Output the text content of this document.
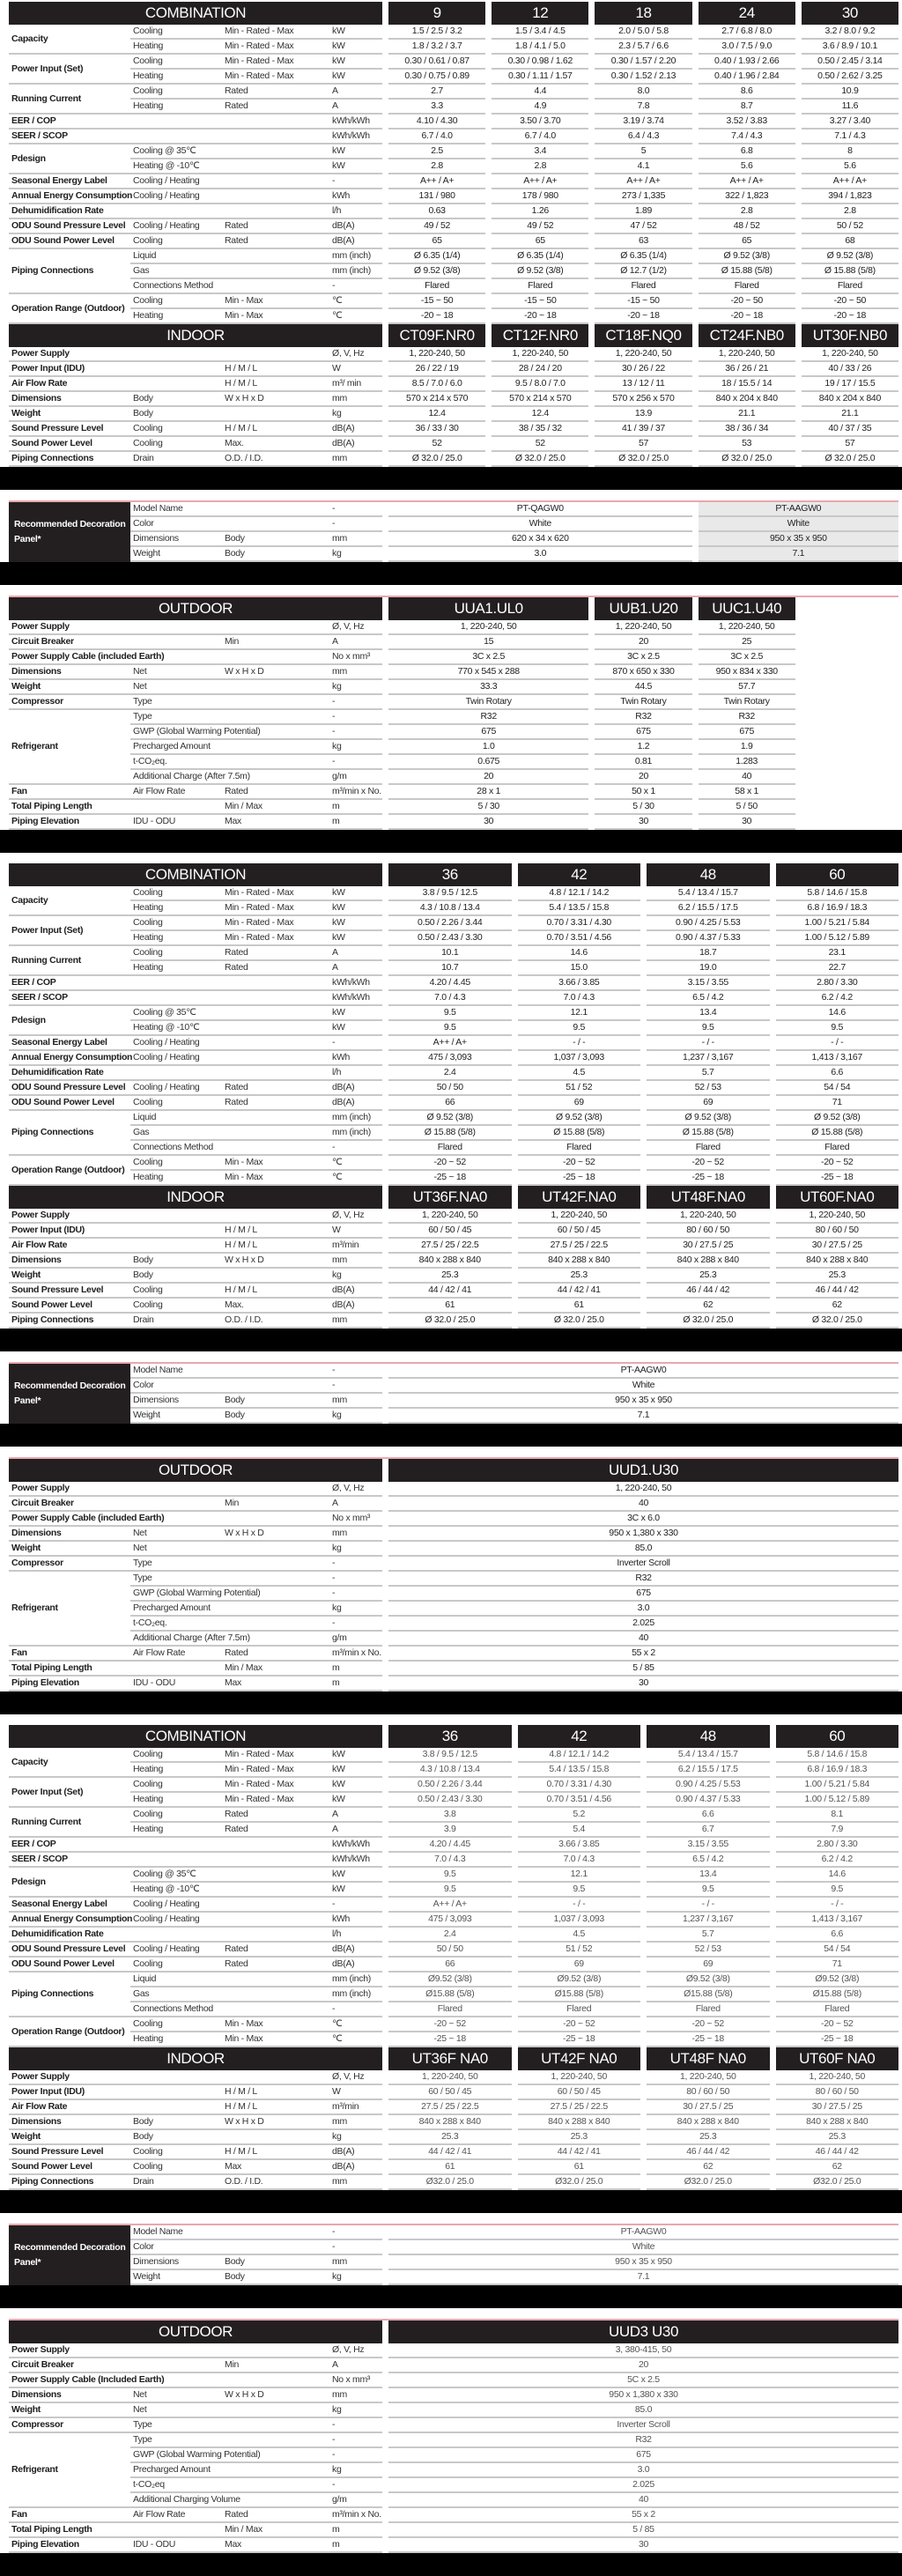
COMBINATION	9	12	18	24	30
Capacity
Cooling	Min - Rated - Max	kW	1.5 / 2.5 / 3.2	1.5 / 3.4 / 4.5	2.0 / 5.0 / 5.8	2.7 / 6.8 / 8.0	3.2 / 8.0 / 9.2
Heating	Min - Rated - Max	kW	1.8 / 3.2 / 3.7	1.8 / 4.1 / 5.0	2.3 / 5.7 / 6.6	3.0 / 7.5 / 9.0	3.6 / 8.9 / 10.1
Power Input (Set)
Cooling	Min - Rated - Max	kW	0.30 / 0.61 / 0.87	0.30 / 0.98 / 1.62	0.30 / 1.57 / 2.20	0.40 / 1.93 / 2.66	0.50 / 2.45 / 3.14
Heating	Min - Rated - Max	kW	0.30 / 0.75 / 0.89	0.30 / 1.11 / 1.57	0.30 / 1.52 / 2.13	0.40 / 1.96 / 2.84	0.50 / 2.62 / 3.25
Running Current
Cooling	Rated	A	2.7	4.4	8.0	8.6	10.9
Heating	Rated	A	3.3	4.9	7.8	8.7	11.6
EER / COP	kWh/kWh	4.10 / 4.30	3.50 / 3.70	3.19 / 3.74	3.52 / 3.83	3.27 / 3.40
SEER / SCOP	kWh/kWh	6.7 / 4.0	6.7 / 4.0	6.4 / 4.3	7.4 / 4.3	7.1 / 4.3
Pdesign
Cooling @ 35℃	kW	2.5	3.4	5	6.8	8
Heating @ -10℃	kW	2.8	2.8	4.1	5.6	5.6
Seasonal Energy Label	Cooling / Heating	-	A++ / A+	A++ / A+	A++ / A+	A++ / A+	A++ / A+
Annual Energy Consumption Cooling / Heating	kWh	131 / 980	178 / 980	273 / 1,335	322 / 1,823	394 / 1,823
Dehumidification Rate	l/h	0.63	1.26	1.89	2.8	2.8
ODU Sound Pressure Level Cooling / Heating	Rated	dB(A)	49 / 52	49 / 52	47 / 52	48 / 52	50 / 52
ODU Sound Power Level Cooling	Rated	dB(A)	65	65	63	65	68
Piping Connections
Liquid	mm (inch)	Ø 6.35 (1/4)	Ø 6.35 (1/4)	Ø 6.35 (1/4)	Ø 9.52 (3/8)	Ø 9.52 (3/8)
Gas	mm (inch)	Ø 9.52 (3/8)	Ø 9.52 (3/8)	Ø 12.7 (1/2)	Ø 15.88 (5/8)	Ø 15.88 (5/8)
Connections Method	-	Flared	Flared	Flared	Flared	Flared
Operation Range (Outdoor)
Cooling	Min - Max	℃	-15 ~ 50	-15 ~ 50	-15 ~ 50	-20 ~ 50	-20 ~ 50
Heating	Min - Max	℃	-20 ~ 18	-20 ~ 18	-20 ~ 18	-20 ~ 18	-20 ~ 18
INDOOR	CT09F.NR0 CT12F.NR0 CT18F.NQ0 CT24F.NB0 UT30F.NB0
Power Supply	Ø, V, Hz	1, 220-240, 50	1, 220-240, 50	1, 220-240, 50	1, 220-240, 50	1, 220-240, 50
Power Input (IDU)	H / M / L	W	26 / 22 / 19	28 / 24 / 20	30 / 26 / 22	36 / 26 / 21	40 / 33 / 26
Air Flow Rate	H / M / L	m³/ min	8.5 / 7.0 / 6.0	9.5 / 8.0 / 7.0	13 / 12 / 11	18 / 15.5 / 14	19 / 17 / 15.5
Dimensions	Body	W x H x D	mm	570 x 214 x 570	570 x 214 x 570	570 x 256 x 570	840 x 204 x 840	840 x 204 x 840
Weight	Body	kg	12.4	12.4	13.9	21.1	21.1
Sound Pressure Level	Cooling	H / M / L	dB(A)	36 / 33 / 30	38 / 35 / 32	41 / 39 / 37	38 / 36 / 34	40 / 37 / 35
Sound Power Level	Cooling	Max.	dB(A)	52	52	57	53	57
Piping Connections	Drain	O.D. / I.D.	mm	Ø 32.0 / 25.0	Ø 32.0 / 25.0	Ø 32.0 / 25.0	Ø 32.0 / 25.0	Ø 32.0 / 25.0
Recommended Decoration Panel*
Model Name	-	PT-QAGW0	PT-AAGW0
Color	-	White	White
Dimensions	Body	mm	620 x 34 x 620	950 x 35 x 950
Weight	Body	kg	3.0	7.1
OUTDOOR	UUA1.UL0	UUB1.U20 UUC1.U40
Power Supply	Ø, V, Hz	1, 220-240, 50	1, 220-240, 50	1, 220-240, 50
Circuit Breaker	Min	A	15	20	25
Power Supply Cable (included Earth)	No x mm³	3C x 2.5	3C x 2.5	3C x 2.5
Dimensions	Net	W x H x D	mm	770 x 545 x 288	870 x 650 x 330	950 x 834 x 330
Weight	Net	kg	33.3	44.5	57.7
Compressor	Type	-	Twin Rotary	Twin Rotary	Twin Rotary
Refrigerant
Type	-	R32	R32	R32
GWP (Global Warming Potential)	-	675	675	675
Precharged Amount	kg	1.0	1.2	1.9
t-CO₂eq.	-	0.675	0.81	1.283
Additional Charge (After 7.5m)	g/m	20	20	40
Fan	Air Flow Rate	Rated	m³/min x No.	28 x 1	50 x 1	58 x 1
Total Piping Length	Min / Max	m	5 / 30	5 / 30	5 / 50
Piping Elevation	IDU - ODU	Max	m	30	30	30
COMBINATION	36	42	48	60
Capacity
Cooling	Min - Rated - Max	kW	3.8 / 9.5 / 12.5	4.8 / 12.1 / 14.2	5.4 / 13.4 / 15.7	5.8 / 14.6 / 15.8
Heating	Min - Rated - Max	kW	4.3 / 10.8 / 13.4	5.4 / 13.5 / 15.8	6.2 / 15.5 / 17.5	6.8 / 16.9 / 18.3
Power Input (Set)
Cooling	Min - Rated - Max	kW	0.50 / 2.26 / 3.44	0.70 / 3.31 / 4.30	0.90 / 4.25 / 5.53	1.00 / 5.21 / 5.84
Heating	Min - Rated - Max	kW	0.50 / 2.43 / 3.30	0.70 / 3.51 / 4.56	0.90 / 4.37 / 5.33	1.00 / 5.12 / 5.89
Running Current
Cooling	Rated	A	10.1	14.6	18.7	23.1
Heating	Rated	A	10.7	15.0	19.0	22.7
EER / COP	kWh/kWh	4.20 / 4.45	3.66 / 3.85	3.15 / 3.55	2.80 / 3.30
SEER / SCOP	kWh/kWh	7.0 / 4.3	7.0 / 4.3	6.5 / 4.2	6.2 / 4.2
Pdesign
Cooling @ 35℃	kW	9.5	12.1	13.4	14.6
Heating @ -10℃	kW	9.5	9.5	9.5	9.5
Seasonal Energy Label	Cooling / Heating	-	A++ / A+	- / -	- / -	- / -
Annual Energy Consumption Cooling / Heating	kWh	475 / 3,093	1,037 / 3,093	1,237 / 3,167	1,413 / 3,167
Dehumidification Rate	l/h	2.4	4.5	5.7	6.6
ODU Sound Pressure Level Cooling / Heating	Rated	dB(A)	50 / 50	51 / 52	52 / 53	54 / 54
ODU Sound Power Level Cooling	Rated	dB(A)	66	69	69	71
Piping Connections
Liquid	mm (inch)	Ø 9.52 (3/8)	Ø 9.52 (3/8)	Ø 9.52 (3/8)	Ø 9.52 (3/8)
Gas	mm (inch)	Ø 15.88 (5/8)	Ø 15.88 (5/8)	Ø 15.88 (5/8)	Ø 15.88 (5/8)
Connections Method	-	Flared	Flared	Flared	Flared
Operation Range (Outdoor)
Cooling	Min - Max	℃	-20 ~ 52	-20 ~ 52	-20 ~ 52	-20 ~ 52
Heating	Min - Max	℃	-25 ~ 18	-25 ~ 18	-25 ~ 18	-25 ~ 18
INDOOR	UT36F.NA0	UT42F.NA0	UT48F.NA0	UT60F.NA0
Power Supply	Ø, V, Hz	1, 220-240, 50	1, 220-240, 50	1, 220-240, 50	1, 220-240, 50
Power Input (IDU)	H / M / L	W	60 / 50 / 45	60 / 50 / 45	80 / 60 / 50	80 / 60 / 50
Air Flow Rate	H / M / L	m³/min	27.5 / 25 / 22.5	27.5 / 25 / 22.5	30 / 27.5 / 25	30 / 27.5 / 25
Dimensions	Body	W x H x D	mm	840 x 288 x 840	840 x 288 x 840	840 x 288 x 840	840 x 288 x 840
Weight	Body	kg	25.3	25.3	25.3	25.3
Sound Pressure Level	Cooling	H / M / L	dB(A)	44 / 42 / 41	44 / 42 / 41	46 / 44 / 42	46 / 44 / 42
Sound Power Level	Cooling	Max.	dB(A)	61	61	62	62
Piping Connections	Drain	O.D. / I.D.	mm	Ø 32.0 / 25.0	Ø 32.0 / 25.0	Ø 32.0 / 25.0	Ø 32.0 / 25.0
Recommended Decoration Panel*
Model Name	-	PT-AAGW0
Color	-	White
Dimensions	Body	mm	950 x 35 x 950
Weight	Body	kg	7.1
OUTDOOR	UUD1.U30
Power Supply	Ø, V, Hz	1, 220-240, 50
Circuit Breaker	Min	A	40
Power Supply Cable (included Earth)	No x mm³	3C x 6.0
Dimensions	Net	W x H x D	mm	950 x 1,380 x 330
Weight	Net	kg	85.0
Compressor	Type	-	Inverter Scroll
Refrigerant
Type	-	R32
GWP (Global Warming Potential)	-	675
Precharged Amount	kg	3.0
t-CO₂eq.	-	2.025
Additional Charge (After 7.5m)	g/m	40
Fan	Air Flow Rate	Rated	m³/min x No.	55 x 2
Total Piping Length	Min / Max	m	5 / 85
Piping Elevation	IDU - ODU	Max	m	30
COMBINATION	36	42	48	60
Capacity
Cooling	Min - Rated - Max	kW	3.8 / 9.5 / 12.5	4.8 / 12.1 / 14.2	5.4 / 13.4 / 15.7	5.8 / 14.6 / 15.8
Heating	Min - Rated - Max	kW	4.3 / 10.8 / 13.4	5.4 / 13.5 / 15.8	6.2 / 15.5 / 17.5	6.8 / 16.9 / 18.3
Power Input (Set)
Cooling	Min - Rated - Max	kW	0.50 / 2.26 / 3.44	0.70 / 3.31 / 4.30	0.90 / 4.25 / 5.53	1.00 / 5.21 / 5.84
Heating	Min - Rated - Max	kW	0.50 / 2.43 / 3.30	0.70 / 3.51 / 4.56	0.90 / 4.37 / 5.33	1.00 / 5.12 / 5.89
Running Current
Cooling	Rated	A	3.8	5.2	6.6	8.1
Heating	Rated	A	3.9	5.4	6.7	7.9
EER / COP	kWh/kWh	4.20 / 4.45	3.66 / 3.85	3.15 / 3.55	2.80 / 3.30
SEER / SCOP	kWh/kWh	7.0 / 4.3	7.0 / 4.3	6.5 / 4.2	6.2 / 4.2
Pdesign
Cooling @ 35℃	kW	9.5	12.1	13.4	14.6
Heating @ -10℃	kW	9.5	9.5	9.5	9.5
Seasonal Energy Label	Cooling / Heating	-	A++ / A+	- / -	- / -	- / -
Annual Energy Consumption Cooling / Heating	kWh	475 / 3,093	1,037 / 3,093	1,237 / 3,167	1,413 / 3,167
Dehumidification Rate	l/h	2.4	4.5	5.7	6.6
ODU Sound Pressure Level Cooling / Heating	Rated	dB(A)	50 / 50	51 / 52	52 / 53	54 / 54
ODU Sound Power Level Cooling	Rated	dB(A)	66	69	69	71
Piping Connections
Liquid	mm (inch)	Ø9.52 (3/8)	Ø9.52 (3/8)	Ø9.52 (3/8)	Ø9.52 (3/8)
Gas	mm (inch)	Ø15.88 (5/8)	Ø15.88 (5/8)	Ø15.88 (5/8)	Ø15.88 (5/8)
Connections Method	-	Flared	Flared	Flared	Flared
Operation Range (Outdoor)
Cooling	Min - Max	℃	-20 ~ 52	-20 ~ 52	-20 ~ 52	-20 ~ 52
Heating	Min - Max	℃	-25 ~ 18	-25 ~ 18	-25 ~ 18	-25 ~ 18
INDOOR	UT36F NA0	UT42F NA0	UT48F NA0	UT60F NA0
Power Supply	Ø, V, Hz	1, 220-240, 50	1, 220-240, 50	1, 220-240, 50	1, 220-240, 50
Power Input (IDU)	H / M / L	W	60 / 50 / 45	60 / 50 / 45	80 / 60 / 50	80 / 60 / 50
Air Flow Rate	H / M / L	m³/min	27.5 / 25 / 22.5	27.5 / 25 / 22.5	30 / 27.5 / 25	30 / 27.5 / 25
Dimensions	Body	W x H x D	mm	840 x 288 x 840	840 x 288 x 840	840 x 288 x 840	840 x 288 x 840
Weight	Body	kg	25.3	25.3	25.3	25.3
Sound Pressure Level	Cooling	H / M / L	dB(A)	44 / 42 / 41	44 / 42 / 41	46 / 44 / 42	46 / 44 / 42
Sound Power Level	Cooling	Max	dB(A)	61	61	62	62
Piping Connections	Drain	O.D. / I.D.	mm	Ø32.0 / 25.0	Ø32.0 / 25.0	Ø32.0 / 25.0	Ø32.0 / 25.0
Recommended Decoration Panel*
Model Name	-	PT-AAGW0
Color	-	White
Dimensions	Body	mm	950 x 35 x 950
Weight	Body	kg	7.1
OUTDOOR	UUD3 U30
Power Supply	Ø, V, Hz	3, 380-415, 50
Circuit Breaker	Min	A	20
Power Supply Cable (Included Earth)	No x mm³	5C x 2.5
Dimensions	Net	W x H x D	mm	950 x 1,380 x 330
Weight	Net	kg	85.0
Compressor	Type	-	Inverter Scroll
Refrigerant
Type	-	R32
GWP (Global Warming Potential)	-	675
Precharged Amount	kg	3.0
t-CO₂eq	-	2.025
Additional Charging Volume	g/m	40
Fan	Air Flow Rate	Rated	m³/min x No.	55 x 2
Total Piping Length	Min / Max	m	5 / 85
Piping Elevation	IDU - ODU	Max	m	30
